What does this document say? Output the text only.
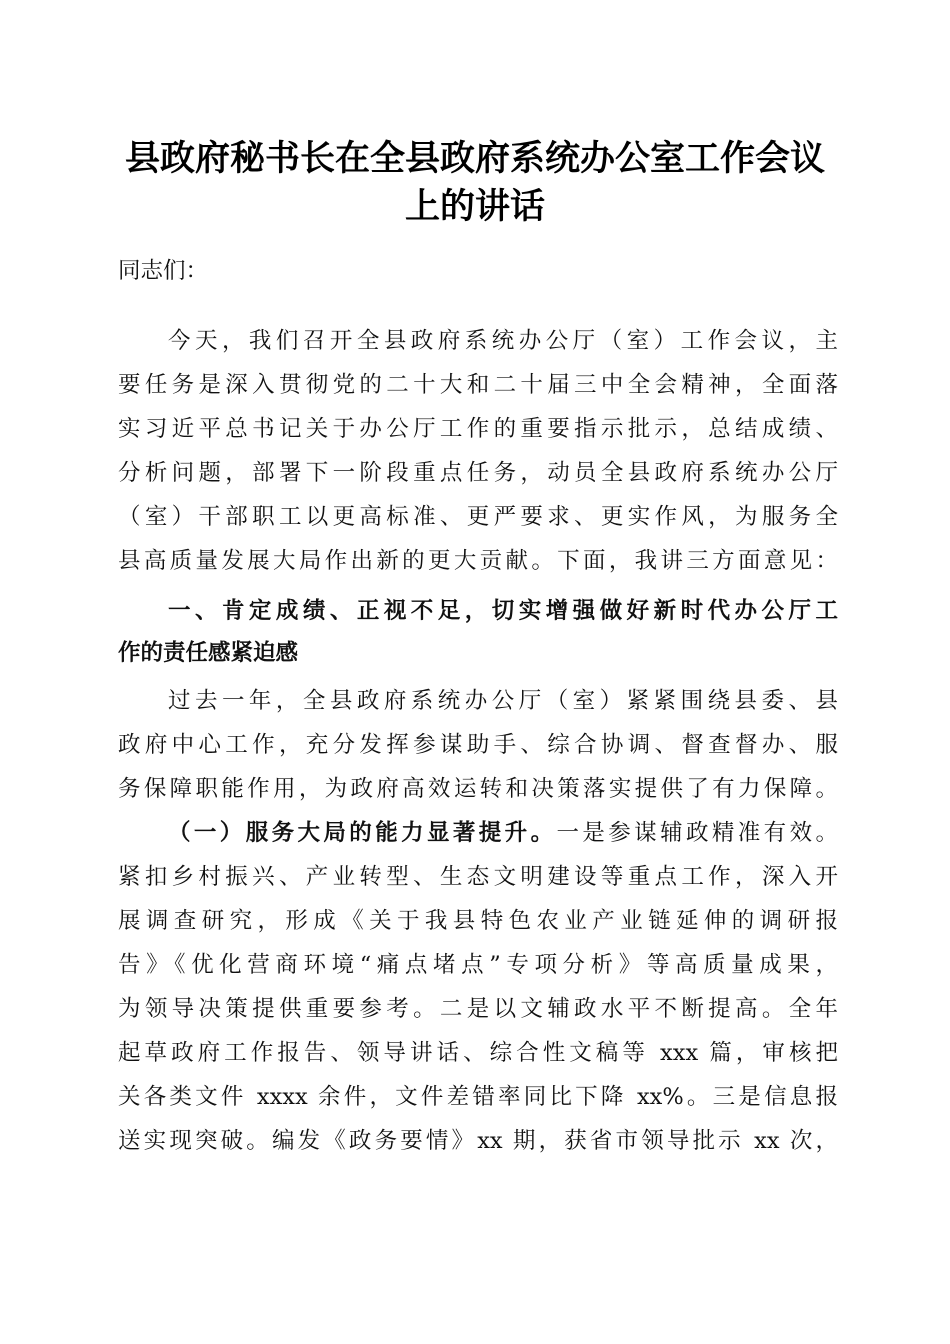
县政府秘书长在全县政府系统办公室工作会议
上的讲话
同志们：
今天，我们召开全县政府系统办公厅（室）工作会议，主
要任务是深入贯彻党的二十大和二十届三中全会精神，全面落
实习近平总书记关于办公厅工作的重要指示批示，总结成绩、
分析问题，部署下一阶段重点任务，动员全县政府系统办公厅
（室）干部职工以更高标准、更严要求、更实作风，为服务全
县高质量发展大局作出新的更大贡献。下面，我讲三方面意见：
一、肯定成绩、正视不足，切实增强做好新时代办公厅工
作的责任感紧迫感
过去一年，全县政府系统办公厅（室）紧紧围绕县委、县
政府中心工作，充分发挥参谋助手、综合协调、督查督办、服
务保障职能作用，为政府高效运转和决策落实提供了有力保障。
（一）服务大局的能力显著提升。一是参谋辅政精准有效。
紧扣乡村振兴、产业转型、生态文明建设等重点工作，深入开
展调查研究，形成《关于我县特色农业产业链延伸的调研报
告》《优化营商环境“痛点堵点”专项分析》等高质量成果，
为领导决策提供重要参考。二是以文辅政水平不断提高。全年
起草政府工作报告、领导讲话、综合性文稿等 xxx 篇，审核把
关各类文件 xxxx 余件，文件差错率同比下降 xx%。三是信息报
送实现突破。编发《政务要情》xx 期，获省市领导批示 xx 次，
